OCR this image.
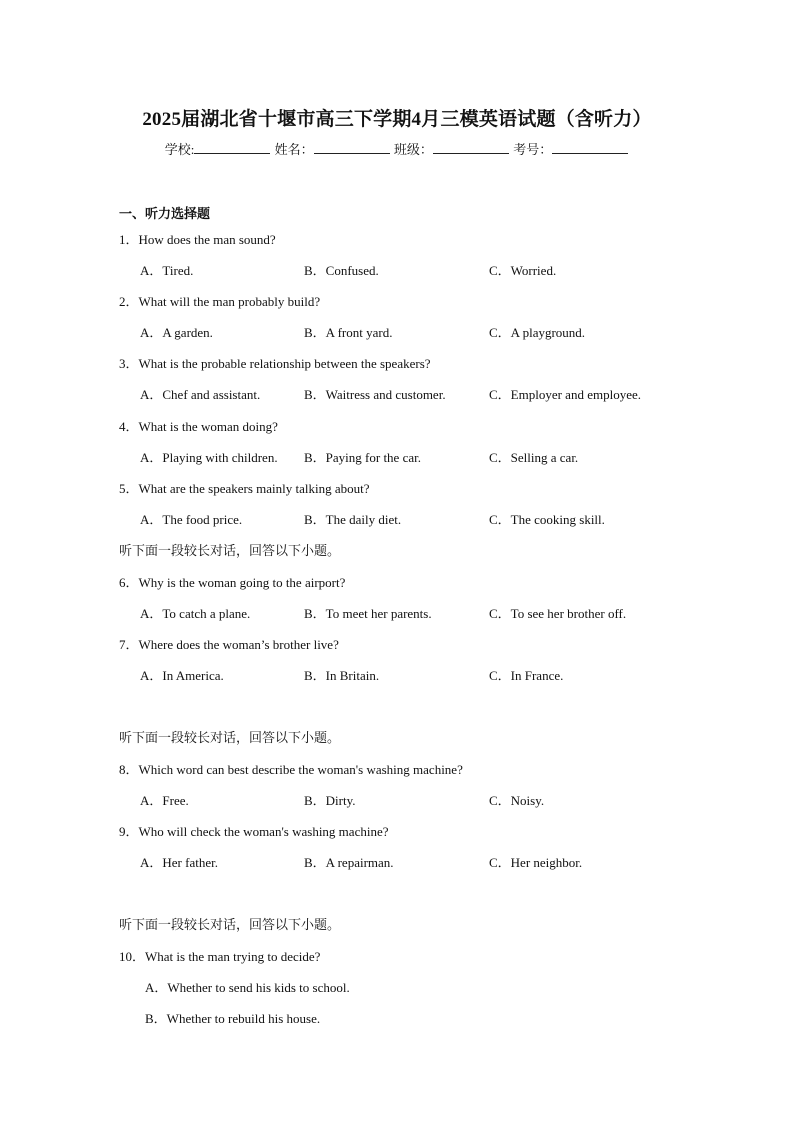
2025届湖北省十堰市高三下学期4月三模英语试题（含听力）
学校:	姓名：	班级：	考号：
一、听力选择题
1．How does the man sound?
A．Tired.	B．Confused.	C．Worried.
2．What will the man probably build?
A．A garden.	B．A front yard.	C．A playground.
3．What is the probable relationship between the speakers?
A．Chef and assistant.	B．Waitress and customer.	C．Employer and employee.
4．What is the woman doing?
A．Playing with children. B．Paying for the car.	C．Selling a car.
5．What are the speakers mainly talking about?
A．The food price.	B．The daily diet.	C．The cooking skill.
听下面一段较长对话，回答以下小题。
6．Why is the woman going to the airport?
A．To catch a plane.	B．To meet her parents.	C．To see her brother off.
7．Where does the woman’s brother live?
A．In America.	B．In Britain.	C．In France.
听下面一段较长对话，回答以下小题。
8．Which word can best describe the woman's washing machine?
A．Free.	B．Dirty.	C．Noisy.
9．Who will check the woman's washing machine?
A．Her father.	B．A repairman.	C．Her neighbor.
听下面一段较长对话，回答以下小题。
10．What is the man trying to decide?
A．Whether to send his kids to school.
B．Whether to rebuild his house.
